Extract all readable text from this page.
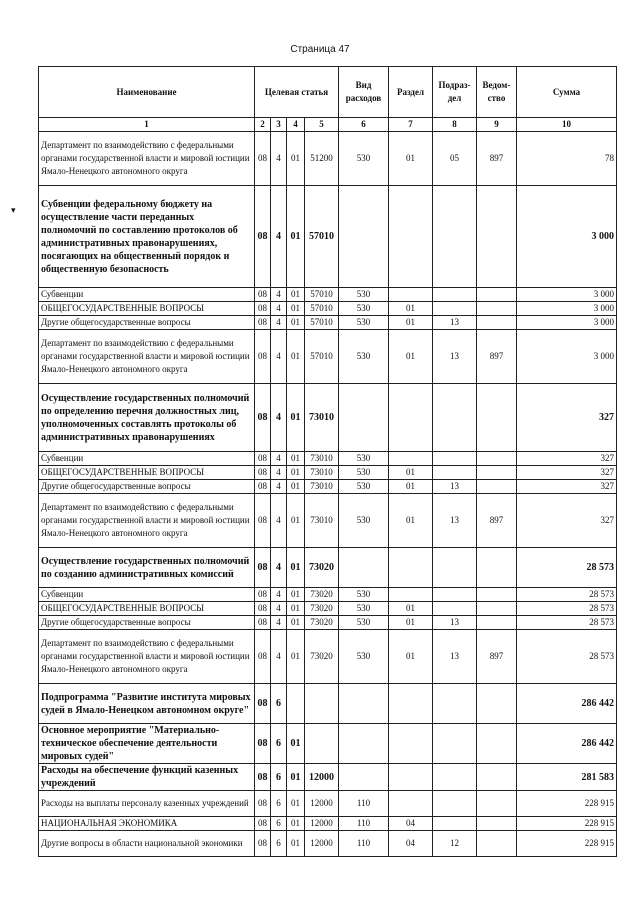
Страница 47
▾
Наименование	Целевая статья				Вид расходов	Раздел	Подраз-дел	Ведом-ство	Сумма
1	2	3	4	5	6	7	8	9	10
Департамент по взаимодействию с федеральными органами государственной власти и мировой юстиции Ямало-Ненецкого автономного округа	08	4	01	51200	530	01	05	897	78
Субвенции федеральному бюджету на осуществление части переданных полномочий по составлению протоколов об административных правонарушениях, посягающих на общественный порядок и общественную безопасность	08	4	01	57010					3 000
Субвенции	08	4	01	57010	530				3 000
ОБЩЕГОСУДАРСТВЕННЫЕ ВОПРОСЫ	08	4	01	57010	530	01			3 000
Другие общегосударственные вопросы	08	4	01	57010	530	01	13		3 000
Департамент по взаимодействию с федеральными органами государственной власти и мировой юстиции Ямало-Ненецкого автономного округа	08	4	01	57010	530	01	13	897	3 000
Осуществление государственных полномочий по определению перечня должностных лиц, уполномоченных составлять протоколы об административных правонарушениях	08	4	01	73010					327
Субвенции	08	4	01	73010	530				327
ОБЩЕГОСУДАРСТВЕННЫЕ ВОПРОСЫ	08	4	01	73010	530	01			327
Другие общегосударственные вопросы	08	4	01	73010	530	01	13		327
Департамент по взаимодействию с федеральными органами государственной власти и мировой юстиции Ямало-Ненецкого автономного округа	08	4	01	73010	530	01	13	897	327
Осуществление государственных полномочий по созданию административных комиссий	08	4	01	73020					28 573
Субвенции	08	4	01	73020	530				28 573
ОБЩЕГОСУДАРСТВЕННЫЕ ВОПРОСЫ	08	4	01	73020	530	01			28 573
Другие общегосударственные вопросы	08	4	01	73020	530	01	13		28 573
Департамент по взаимодействию с федеральными органами государственной власти и мировой юстиции Ямало-Ненецкого автономного округа	08	4	01	73020	530	01	13	897	28 573
Подпрограмма "Развитие института мировых судей в Ямало-Ненецком автономном округе"	08	6							286 442
Основное мероприятие "Материально-техническое обеспечение деятельности мировых судей"	08	6	01						286 442
Расходы на обеспечение функций казенных учреждений	08	6	01	12000					281 583
Расходы на выплаты персоналу казенных учреждений	08	6	01	12000	110				228 915
НАЦИОНАЛЬНАЯ ЭКОНОМИКА	08	6	01	12000	110	04			228 915
Другие вопросы в области национальной экономики	08	6	01	12000	110	04	12		228 915
